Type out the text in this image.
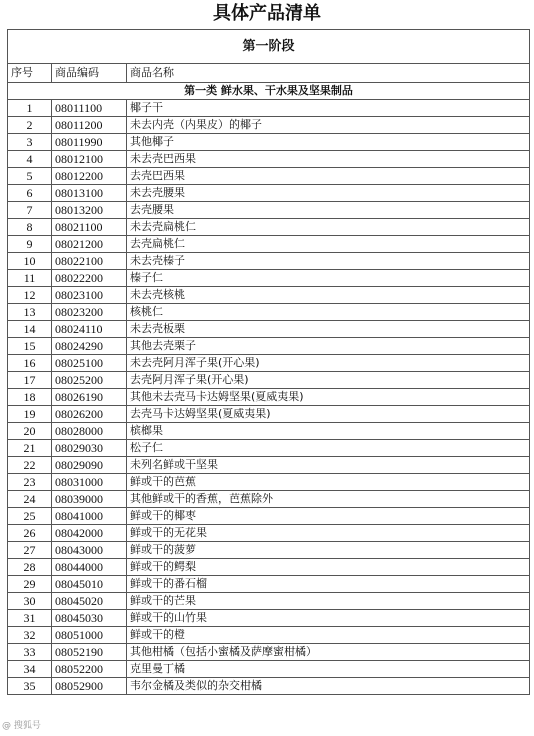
具体产品清单
第一阶段		
序号	商品编码	商品名称
第一类 鲜水果、干水果及坚果制品		
1	08011100	椰子干
2	08011200	未去内壳（内果皮）的椰子
3	08011990	其他椰子
4	08012100	未去壳巴西果
5	08012200	去壳巴西果
6	08013100	未去壳腰果
7	08013200	去壳腰果
8	08021100	未去壳扁桃仁
9	08021200	去壳扁桃仁
10	08022100	未去壳榛子
11	08022200	榛子仁
12	08023100	未去壳核桃
13	08023200	核桃仁
14	08024110	未去壳板栗
15	08024290	其他去壳栗子
16	08025100	未去壳阿月浑子果(开心果)
17	08025200	去壳阿月浑子果(开心果)
18	08026190	其他未去壳马卡达姆坚果(夏威夷果)
19	08026200	去壳马卡达姆坚果(夏威夷果)
20	08028000	槟榔果
21	08029030	松子仁
22	08029090	未列名鲜或干坚果
23	08031000	鲜或干的芭蕉
24	08039000	其他鲜或干的香蕉，芭蕉除外
25	08041000	鲜或干的椰枣
26	08042000	鲜或干的无花果
27	08043000	鲜或干的菠萝
28	08044000	鲜或干的鳄梨
29	08045010	鲜或干的番石榴
30	08045020	鲜或干的芒果
31	08045030	鲜或干的山竹果
32	08051000	鲜或干的橙
33	08052190	其他柑橘（包括小蜜橘及萨摩蜜柑橘）
34	08052200	克里曼丁橘
35	08052900	韦尔金橘及类似的杂交柑橘
@ 搜狐号
